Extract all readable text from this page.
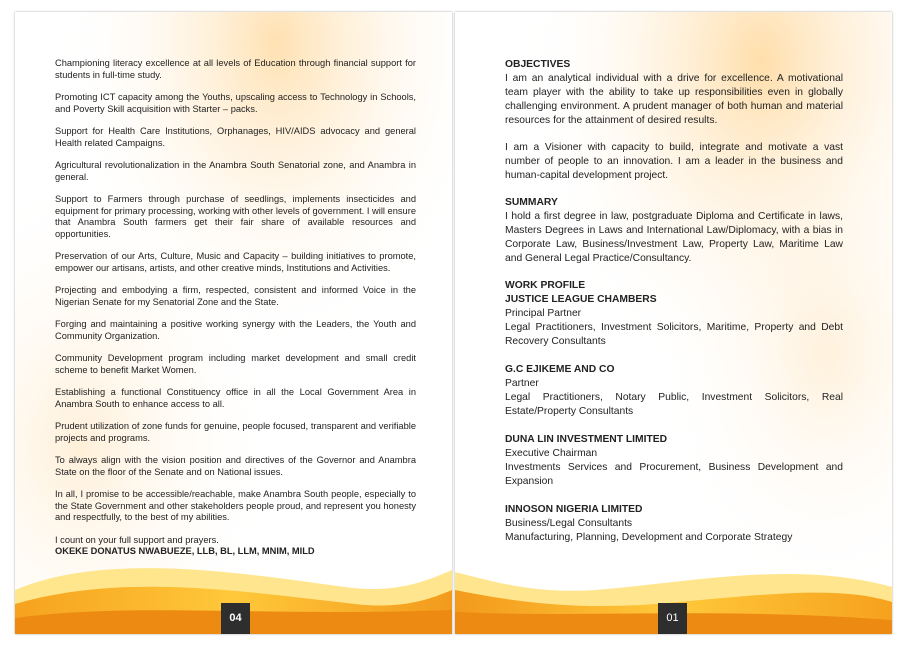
Championing literacy excellence at all levels of Education through financial support for students in full-time study.

Promoting ICT capacity among the Youths, upscaling access to Technology in Schools, and Poverty Skill acquisition with Starter – packs.

Support for Health Care Institutions, Orphanages, HIV/AIDS advocacy and general Health related Campaigns.

Agricultural revolutionalization in the Anambra South Senatorial zone, and Anambra in general.

Support to Farmers through purchase of seedlings, implements insecticides and equipment for primary processing, working with other levels of government. I will ensure that Anambra South farmers get their fair share of available resources and opportunities.

Preservation of our Arts, Culture, Music and Capacity – building initiatives to promote, empower our artisans, artists, and other creative minds, Institutions and Activities.

Projecting and embodying a firm, respected, consistent and informed Voice in the Nigerian Senate for my Senatorial Zone and the State.

Forging and maintaining a positive working synergy with the Leaders, the Youth and Community Organization.

Community Development program including market development and small credit scheme to benefit Market Women.

Establishing a functional Constituency office in all the Local Government Area in Anambra South to enhance access to all.

Prudent utilization of zone funds for genuine, people focused, transparent and verifiable projects and programs.

To always align with the vision position and directives of the Governor and Anambra State on the floor of the Senate and on National issues.

In all, I promise to be accessible/reachable, make Anambra South people, especially to the State Government and other stakeholders people proud, and represent you honesty and respectfully, to the best of my abilities.

I count on your full support and prayers.

OKEKE DONATUS NWABUEZE, LLB, BL, LLM, MNIM, MILD

04

OBJECTIVES

I am an analytical individual with a drive for excellence. A motivational team player with the ability to take up responsibilities even in globally challenging environment. A prudent manager of both human and material resources for the attainment of desired results.

I am a Visioner with capacity to build, integrate and motivate a vast number of people to an innovation. I am a leader in the business and human-capital development project.

SUMMARY

I hold a first degree in law, postgraduate Diploma and Certificate in laws, Masters Degrees in Laws and International Law/Diplomacy, with a bias in Corporate Law, Business/Investment Law, Property Law, Maritime Law and General Legal Practice/Consultancy.

WORK PROFILE

JUSTICE LEAGUE CHAMBERS

Principal Partner

Legal Practitioners, Investment Solicitors, Maritime, Property and Debt Recovery Consultants

G.C EJIKEME AND CO

Partner

Legal Practitioners, Notary Public, Investment Solicitors, Real Estate/Property Consultants

DUNA LIN INVESTMENT LIMITED

Executive Chairman

Investments Services and Procurement, Business Development and Expansion

INNOSON NIGERIA LIMITED

Business/Legal Consultants

Manufacturing, Planning, Development and Corporate Strategy

01
